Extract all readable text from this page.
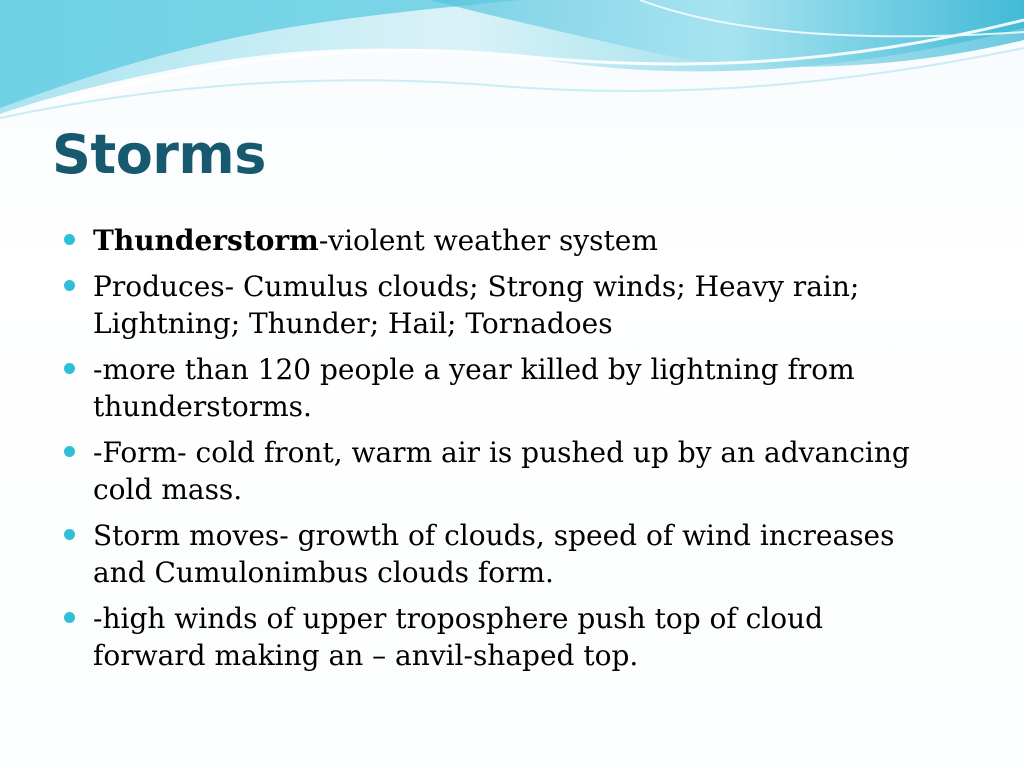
Storms
Thunderstorm-violent weather system
Produces- Cumulus clouds; Strong winds; Heavy rain; Lightning; Thunder; Hail; Tornadoes
-more than 120 people a year killed by lightning from thunderstorms.
-Form- cold front, warm air is pushed up by an advancing cold mass.
Storm moves- growth of clouds, speed of wind increases and Cumulonimbus clouds form.
-high winds of upper troposphere push top of cloud forward making an – anvil-shaped top.
